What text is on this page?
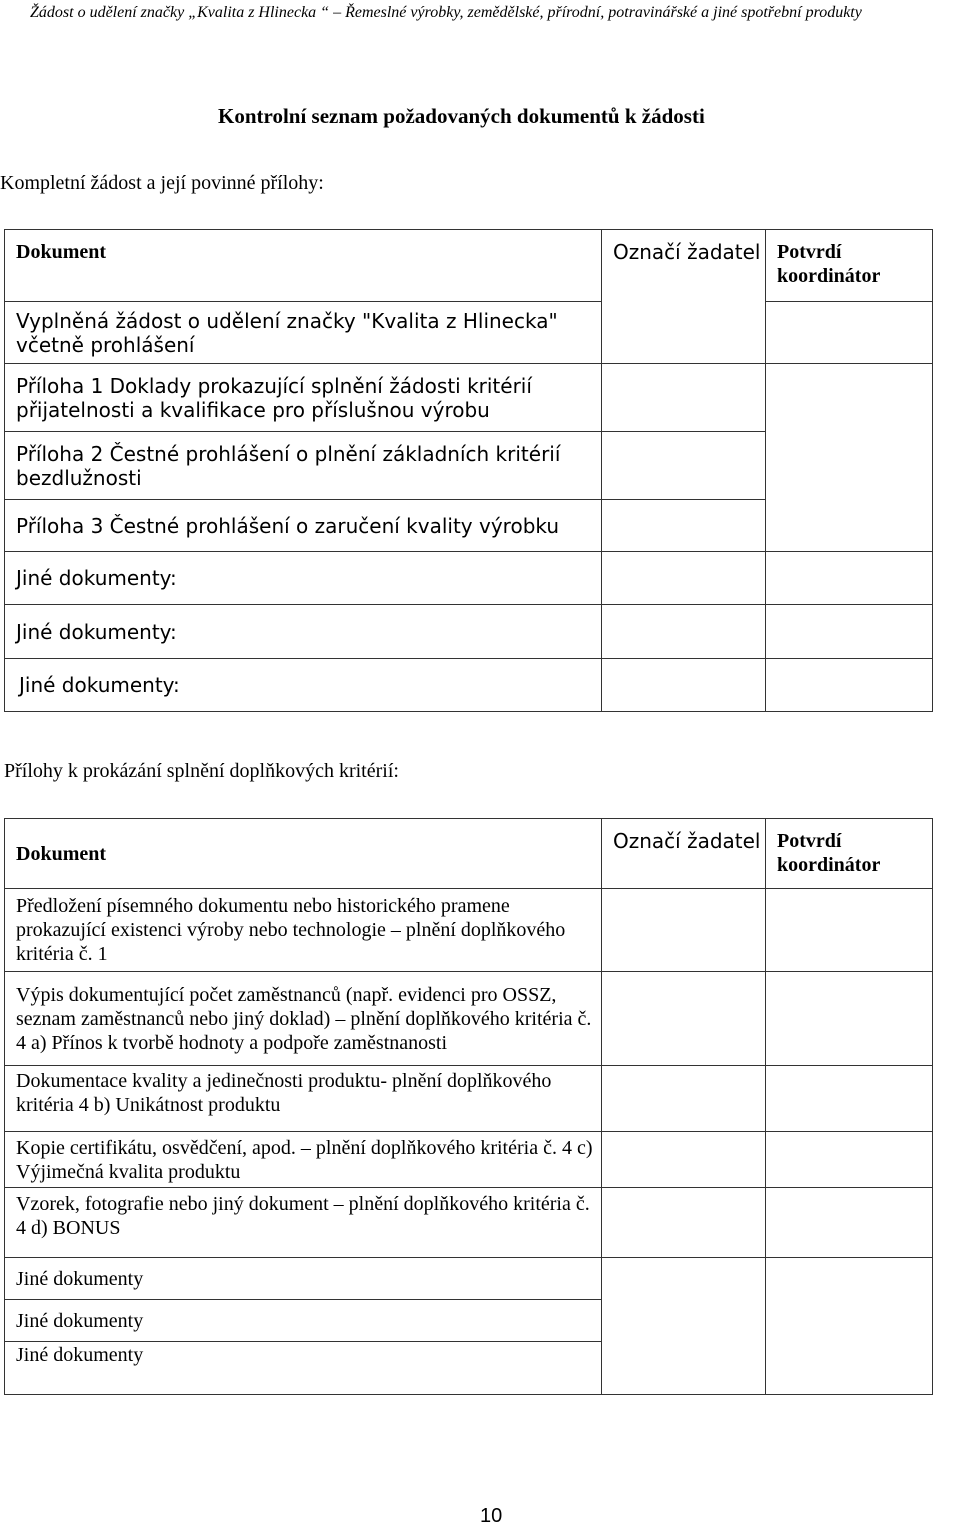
Žádost o udělení značky „Kvalita z Hlinecka “ – Řemeslné výrobky, zemědělské, přírodní, potravinářské a jiné spotřební produkty
Kontrolní seznam požadovaných dokumentů k žádosti
Kompletní žádost a její povinné přílohy:
Dokument	Označí žadatel	Potvrdí koordinátor
Vyplněná žádost o udělení značky "Kvalita z Hlinecka" včetně prohlášení		
Příloha 1 Doklady prokazující splnění žádosti kritérií přijatelnosti a kvalifikace pro příslušnou výrobu		
Příloha 2 Čestné prohlášení o plnění základních kritérií bezdlužnosti		
Příloha 3 Čestné prohlášení o zaručení kvality výrobku		
Jiné dokumenty:		
Jiné dokumenty:		
Jiné dokumenty:		
Přílohy k prokázání splnění doplňkových kritérií:
Dokument	Označí žadatel	Potvrdí koordinátor
Předložení písemného dokumentu nebo historického pramene prokazující existenci výroby nebo technologie – plnění doplňkového kritéria č. 1		
Výpis dokumentující počet zaměstnanců (např. evidenci pro OSSZ, seznam zaměstnanců nebo jiný doklad) – plnění doplňkového kritéria č. 4 a) Přínos k tvorbě hodnoty a podpoře zaměstnanosti		
Dokumentace kvality a jedinečnosti produktu- plnění doplňkového kritéria 4 b) Unikátnost produktu		
Kopie certifikátu, osvědčení, apod. – plnění doplňkového kritéria č. 4 c) Výjimečná kvalita produktu		
Vzorek, fotografie nebo jiný dokument – plnění doplňkového kritéria č. 4 d) BONUS		
Jiné dokumenty		
Jiné dokumenty		
Jiné dokumenty		
10
